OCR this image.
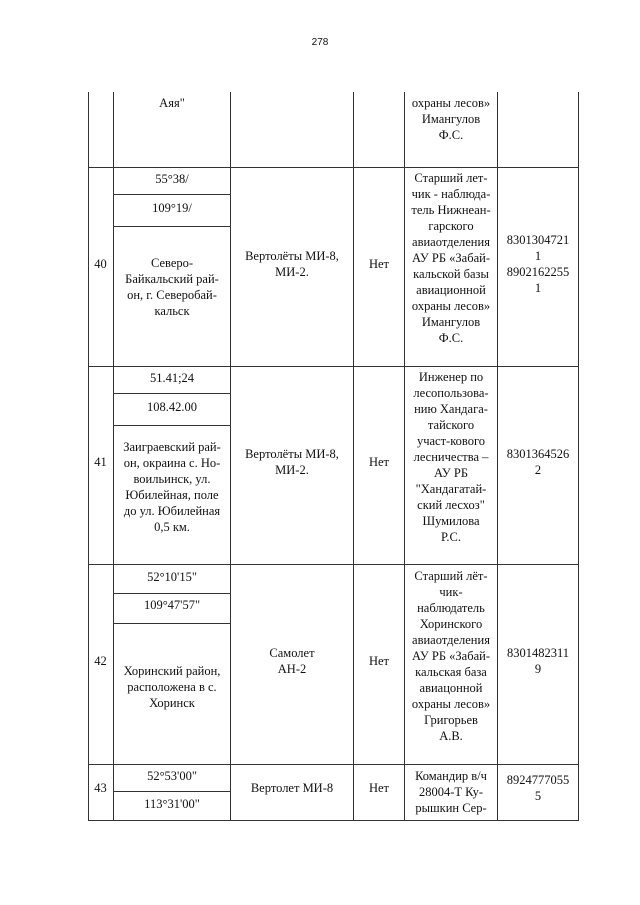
278
Аяя"	охраны лесов»
Имангулов
Ф.С.
40
55°38/
109°19/
Северо-
Байкальский рай-
он, г. Северобай-
кальск
Вертолёты МИ-8,
МИ-2.
Нет
Старший лет-
чик - наблюда-
тель Нижнеан-
гарского
авиаотделения
АУ РБ «Забай-
кальской базы
авиационной
охраны лесов»
Имангулов
Ф.С.
8301304721
1
8902162255
1
41
51.41;24
108.42.00
Заиграевский рай-
он, окраина с. Но-
воильинск, ул.
Юбилейная, поле
до ул. Юбилейная
0,5 км.
Вертолёты МИ-8,
МИ-2.
Нет
Инженер по
лесопользова-
нию Хандага-
тайского
участ-кового
лесничества –
АУ РБ
"Хандагатай-
ский лесхоз"
Шумилова
Р.С.
8301364526
2
42
52°10'15"
109°47'57"
Хоринский район,
расположена в с.
Хоринск
Самолет
АН-2
Нет
Старший лёт-
чик-
наблюдатель
Хоринского
авиаотделения
АУ РБ «Забай-
кальская база
авиацонной
охраны лесов»
Григорьев
А.В.
8301482311
9
43
52°53'00"
113°31'00"
Вертолет МИ-8	Нет
Командир в/ч
28004-Т Ку-
рышкин Сер-
8924777055
5
